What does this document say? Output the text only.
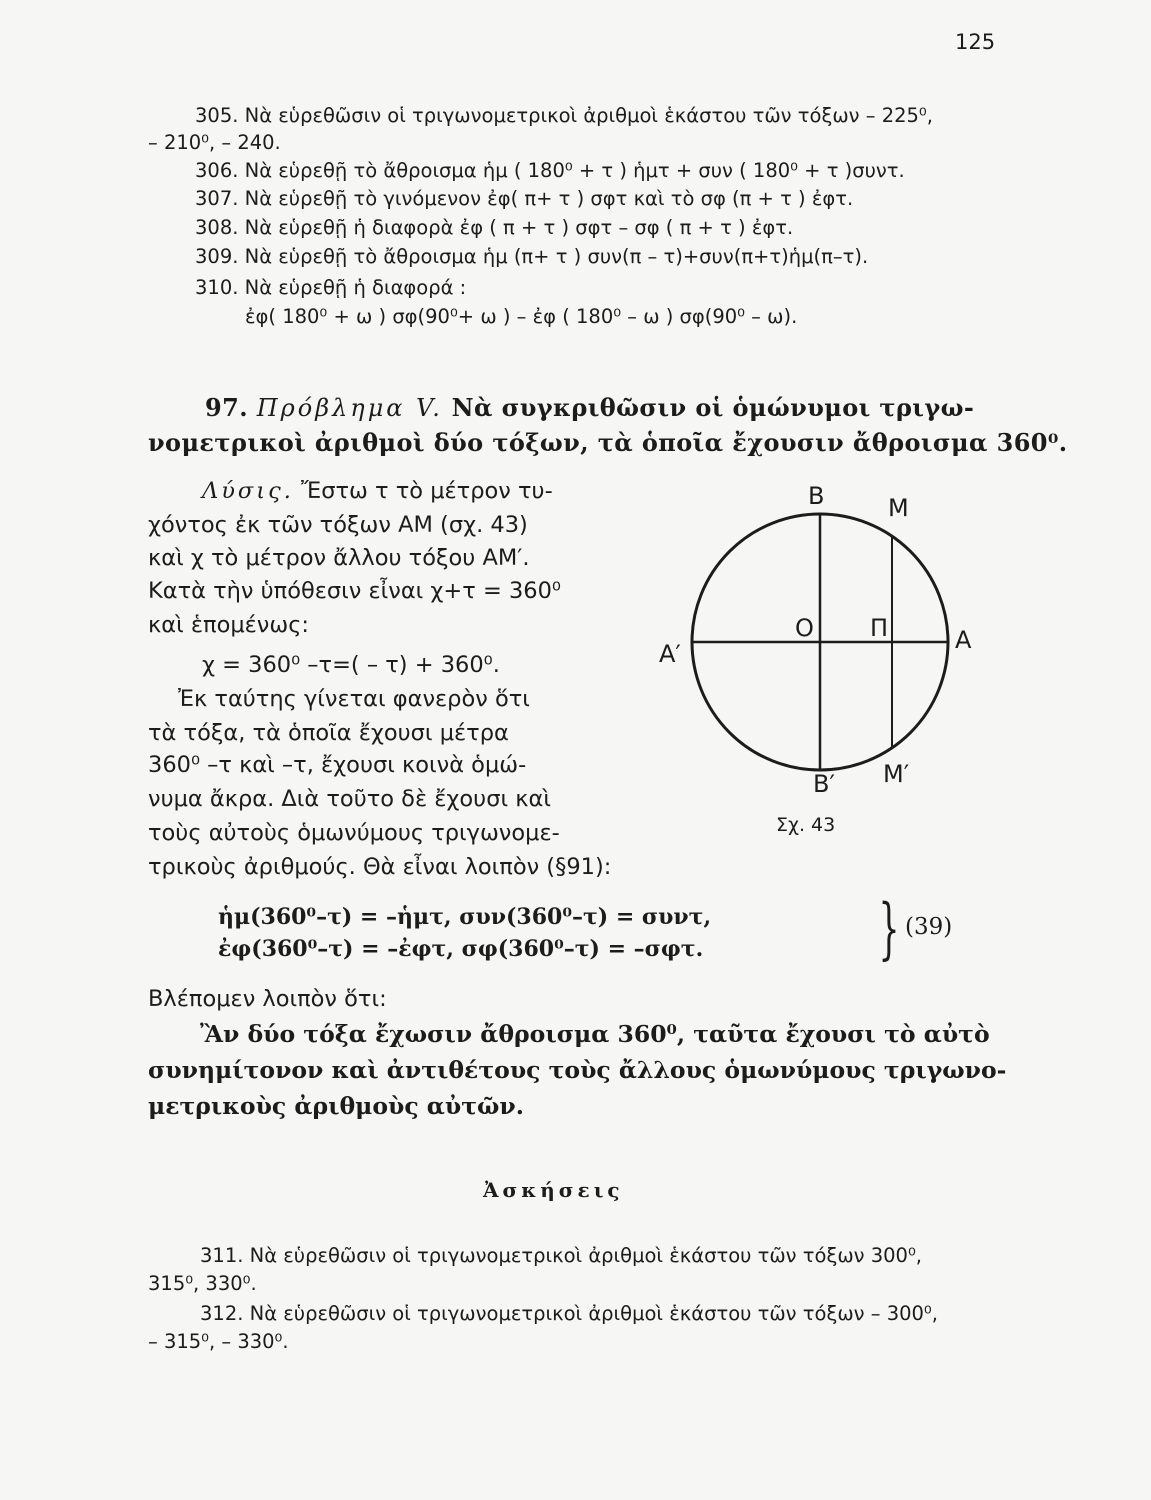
125
305. Νὰ εὑρεθῶσιν οἱ τριγωνομετρικοὶ ἀριθμοὶ ἑκάστου τῶν τόξων – 225⁰,
– 210⁰, – 240.
306. Νὰ εὑρεθῇ τὸ ἄθροισμα ἡμ ( 180⁰ + τ ) ἡμτ + συν ( 180⁰ + τ )συντ.
307. Νὰ εὑρεθῇ τὸ γινόμενον ἐφ( π+ τ ) σφτ καὶ τὸ σφ (π + τ ) ἐφτ.
308. Νὰ εὑρεθῇ ἡ διαφορὰ ἐφ ( π + τ ) σφτ – σφ ( π + τ ) ἐφτ.
309. Νὰ εὑρεθῇ τὸ ἄθροισμα ἡμ (π+ τ ) συν(π – τ)+συν(π+τ)ἡμ(π–τ).
310. Νὰ εὑρεθῇ ἡ διαφορά :
ἐφ( 180⁰ + ω ) σφ(90⁰+ ω ) – ἐφ ( 180⁰ – ω ) σφ(90⁰ – ω).
97. Πρόβλημα V. Νὰ συγκριθῶσιν οἱ ὁμώνυμοι τριγω-
νομετρικοὶ ἀριθμοὶ δύο τόξων, τὰ ὁποῖα ἔχουσιν ἄθροισμα 360⁰.
Λύσις. Ἔστω τ τὸ μέτρον τυ-
χόντος ἐκ τῶν τόξων ΑΜ (σχ. 43)
καὶ χ τὸ μέτρον ἄλλου τόξου ΑΜ′.
Κατὰ τὴν ὑπόθεσιν εἶναι χ+τ = 360⁰
καὶ ἑπομένως:
χ = 360⁰ –τ=( – τ) + 360⁰.
Ἐκ ταύτης γίνεται φανερὸν ὅτι
τὰ τόξα, τὰ ὁποῖα ἔχουσι μέτρα
360⁰ –τ καὶ –τ, ἔχουσι κοινὰ ὁμώ-
νυμα ἄκρα. Διὰ τοῦτο δὲ ἔχουσι καὶ
τοὺς αὐτοὺς ὁμωνύμους τριγωνομε-
τρικοὺς ἀριθμούς. Θὰ εἶναι λοιπὸν (§91):
Β	Μ
Α′
Ο Π	Α
Β′ Μ′
Σχ. 43
ἡμ(360⁰–τ) = –ἡμτ, συν(360⁰–τ) = συντ,
ἐφ(360⁰–τ) = –ἐφτ, σφ(360⁰–τ) = –σφτ.	} (39)
Βλέπομεν λοιπὸν ὅτι:
Ἂν δύο τόξα ἔχωσιν ἄθροισμα 360⁰, ταῦτα ἔχουσι τὸ αὐτὸ
συνημίτονον καὶ ἀντιθέτους τοὺς ἄλλους ὁμωνύμους τριγωνο-
μετρικοὺς ἀριθμοὺς αὐτῶν.
Ἀσκήσεις
311. Νὰ εὑρεθῶσιν οἱ τριγωνομετρικοὶ ἀριθμοὶ ἑκάστου τῶν τόξων 300⁰,
315⁰, 330⁰.
312. Νὰ εὑρεθῶσιν οἱ τριγωνομετρικοὶ ἀριθμοὶ ἑκάστου τῶν τόξων – 300⁰,
– 315⁰, – 330⁰.
